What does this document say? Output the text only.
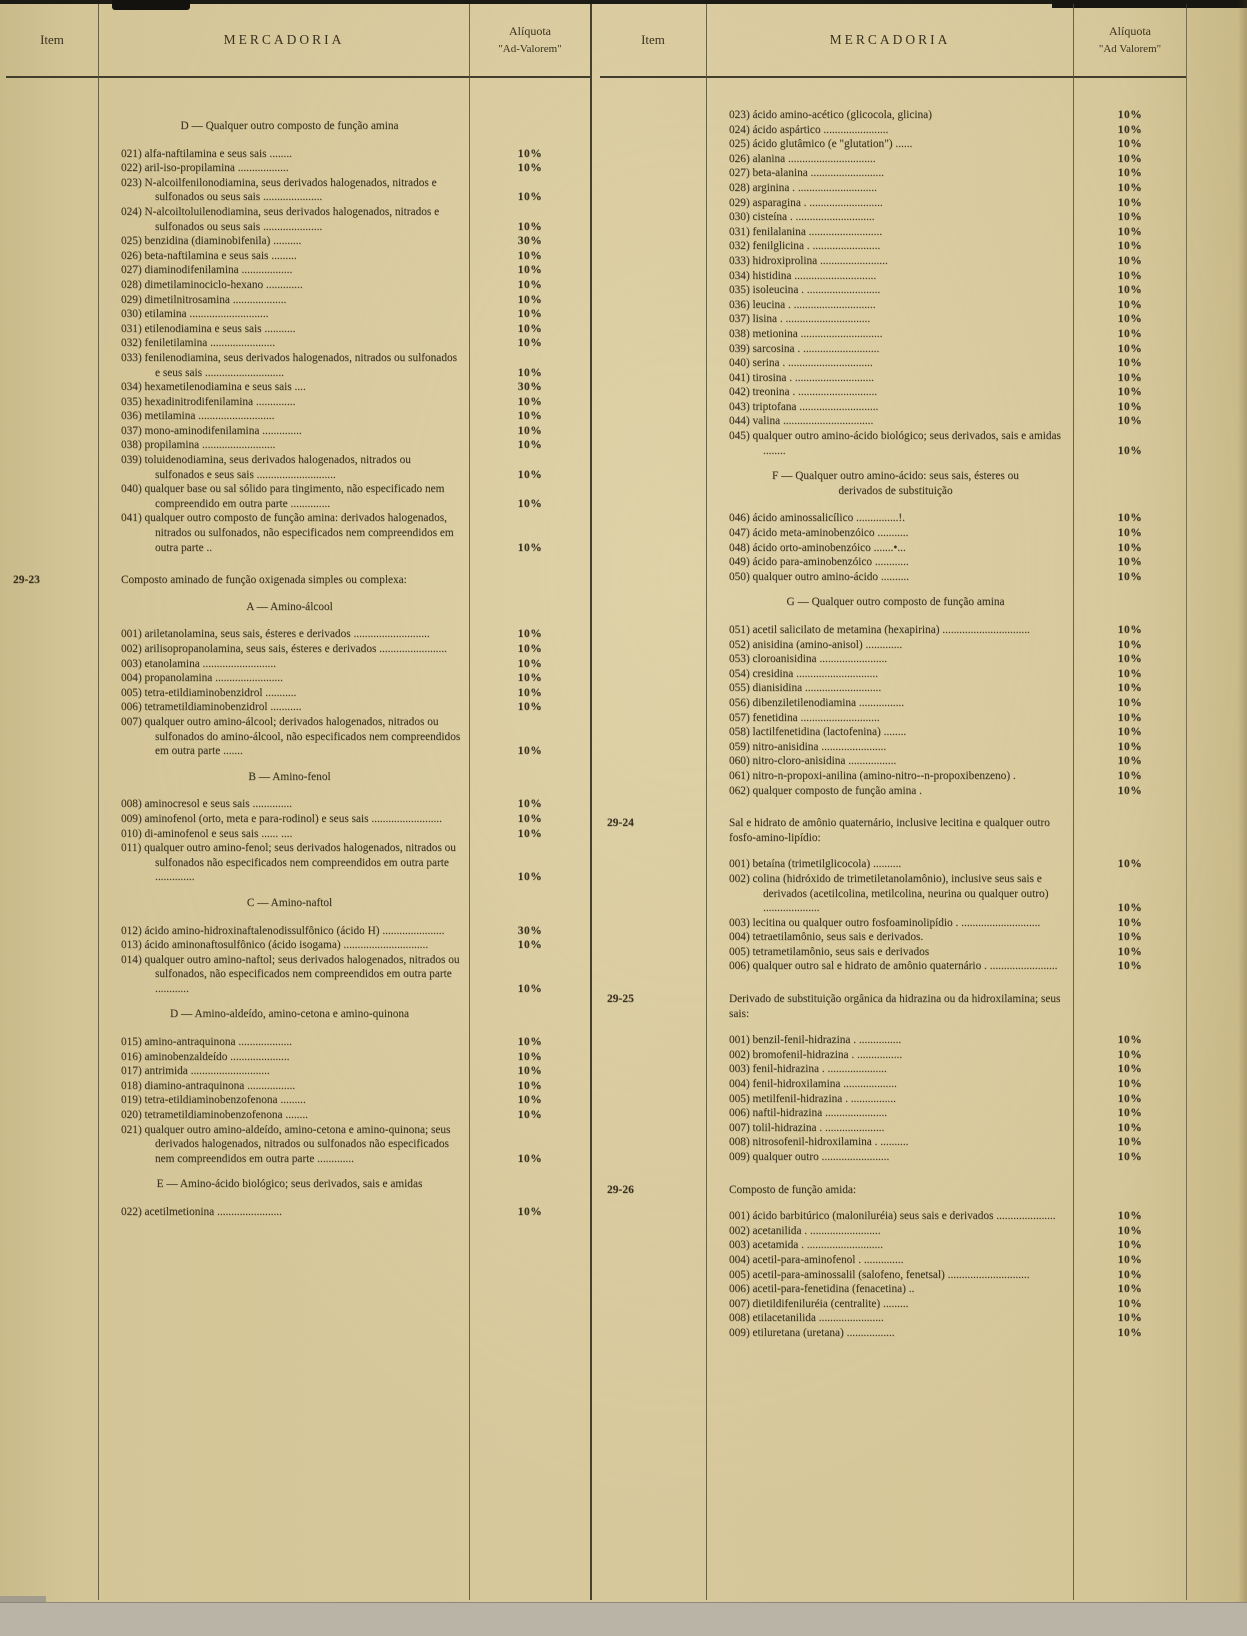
Item	MERCADORIA
Alíquota
"Ad-Valorem"
D — Qualquer outro composto de função amina
021) alfa-naftilamina e seus sais ........	10%
022) aril-iso-propilamina ..................	10%
023) N-alcoilfenilonodiamina, seus derivados halogenados, nitrados e sulfonados ou seus sais .....................	10%
024) N-alcoiltoluilenodiamina, seus derivados halogenados, nitrados e sulfonados ou seus sais .....................	10%
025) benzidina (diaminobifenila) ..........	30%
026) beta-naftilamina e seus sais .........	10%
027) diaminodifenilamina ..................	10%
028) dimetilaminociclo-hexano .............	10%
029) dimetilnitrosamina ...................	10%
030) etilamina ............................	10%
031) etilenodiamina e seus sais ...........	10%
032) feniletilamina .......................	10%
033) fenilenodiamina, seus derivados halogenados, nitrados ou sulfonados e seus sais ............................	10%
034) hexametilenodiamina e seus sais ....	30%
035) hexadinitrodifenilamina ..............	10%
036) metilamina ...........................	10%
037) mono-aminodifenilamina ..............	10%
038) propilamina ..........................	10%
039) toluidenodiamina, seus derivados halogenados, nitrados ou sulfonados e seus sais ............................	10%
040) qualquer base ou sal sólido para tingimento, não especificado nem compreendido em outra parte ..............	10%
041) qualquer outro composto de função amina: derivados halogenados, nitrados ou sulfonados, não especificados nem compreendidos em outra parte ..	10%
29-23	Composto aminado de função oxigenada simples ou complexa:
A — Amino-álcool
001) ariletanolamina, seus sais, ésteres e derivados ...........................	10%
002) arilisopropanolamina, seus sais, ésteres e derivados ........................	10%
003) etanolamina ..........................	10%
004) propanolamina ........................	10%
005) tetra-etildiaminobenzidrol ...........	10%
006) tetrametildiaminobenzidrol ...........	10%
007) qualquer outro amino-álcool; derivados halogenados, nitrados ou sulfonados do amino-álcool, não especificados nem compreendidos em outra parte .......	10%
B — Amino-fenol
008) aminocresol e seus sais ..............	10%
009) aminofenol (orto, meta e para-rodinol) e seus sais .........................	10%
010) di-aminofenol e seus sais ...... ....	10%
011) qualquer outro amino-fenol; seus derivados halogenados, nitrados ou sulfonados não especificados nem compreendidos em outra parte ..............	10%
C — Amino-naftol
012) ácido amino-hidroxinaftalenodissulfônico (ácido H) ......................	30%
013) ácido aminonaftosulfônico (ácido isogama) ..............................	10%
014) qualquer outro amino-naftol; seus derivados halogenados, nitrados ou sulfonados, não especificados nem compreendidos em outra parte ............	10%
D — Amino-aldeído, amino-cetona e amino-quinona
015) amino-antraquinona ...................	10%
016) aminobenzaldeído .....................	10%
017) antrimida ............................	10%
018) diamino-antraquinona .................	10%
019) tetra-etildiaminobenzofenona .........	10%
020) tetrametildiaminobenzofenona ........	10%
021) qualquer outro amino-aldeído, amino-cetona e amino-quinona; seus derivados halogenados, nitrados ou sulfonados não especificados nem compreendidos em outra parte .............	10%
E — Amino-ácido biológico; seus derivados, sais e amidas
022) acetilmetionina .......................	10%
Item	MERCADORIA
Alíquota
"Ad Valorem"
023) ácido amino-acético (glicocola, glicina)	10%
024) ácido aspártico .......................	10%
025) ácido glutâmico (e "glutation") ......	10%
026) alanina ...............................	10%
027) beta-alanina ..........................	10%
028) arginina . ............................	10%
029) asparagina . ..........................	10%
030) cisteína . ............................	10%
031) fenilalanina ..........................	10%
032) fenilglicina . ........................	10%
033) hidroxiprolina ........................	10%
034) histidina .............................	10%
035) isoleucina . ..........................	10%
036) leucina . .............................	10%
037) lisina . ..............................	10%
038) metionina .............................	10%
039) sarcosina . ...........................	10%
040) serina . ..............................	10%
041) tirosina . ............................	10%
042) treonina . ............................	10%
043) triptofana ............................	10%
044) valina ................................	10%
045) qualquer outro amino-ácido biológico; seus derivados, sais e amidas ........	10%
F — Qualquer outro amino-ácido: seus sais, ésteres ou derivados de substituição
046) ácido aminossalicílico ...............!.	10%
047) ácido meta-aminobenzóico ...........	10%
048) ácido orto-aminobenzóico .......•...	10%
049) ácido para-aminobenzóico ............	10%
050) qualquer outro amino-ácido ..........	10%
G — Qualquer outro composto de função amina
051) acetil salicilato de metamina (hexapirina) ...............................	10%
052) anisidina (amino-anisol) .............	10%
053) cloroanisidina ........................	10%
054) cresidina .............................	10%
055) dianisidina ...........................	10%
056) dibenziletilenodiamina ................	10%
057) fenetidina ............................	10%
058) lactilfenetidina (lactofenina) ........	10%
059) nitro-anisidina .......................	10%
060) nitro-cloro-anisidina .................	10%
061) nitro-n-propoxi-anilina (amino-nitro--n-propoxibenzeno) .	10%
062) qualquer composto de função amina .	10%
29-24	Sal e hidrato de amônio quaternário, inclusive lecitina e qualquer outro fosfo-amino-lipídio:
001) betaína (trimetilglicocola) ..........	10%
002) colina (hidróxido de trimetiletanolamônio), inclusive seus sais e derivados (acetilcolina, metilcolina, neurina ou qualquer outro) ....................	10%
003) lecitina ou qualquer outro fosfoaminolipídio . ............................	10%
004) tetraetilamônio, seus sais e derivados.	10%
005) tetrametilamônio, seus sais e derivados	10%
006) qualquer outro sal e hidrato de amônio quaternário . ........................	10%
29-25	Derivado de substituição orgânica da hidrazina ou da hidroxilamina; seus sais:
001) benzil-fenil-hidrazina . ...............	10%
002) bromofenil-hidrazina . ................	10%
003) fenil-hidrazina . .....................	10%
004) fenil-hidroxilamina ...................	10%
005) metilfenil-hidrazina . ................	10%
006) naftil-hidrazina ......................	10%
007) tolil-hidrazina . .....................	10%
008) nitrosofenil-hidroxilamina . ..........	10%
009) qualquer outro ........................	10%
29-26	Composto de função amida:
001) ácido barbitúrico (maloniluréia) seus sais e derivados .....................	10%
002) acetanilida . .........................	10%
003) acetamida . ...........................	10%
004) acetil-para-aminofenol . ..............	10%
005) acetil-para-aminossalil (salofeno, fenetsal) .............................	10%
006) acetil-para-fenetidina (fenacetina) ..	10%
007) dietildifeniluréia (centralite) .........	10%
008) etilacetanilida .......................	10%
009) etiluretana (uretana) .................	10%
